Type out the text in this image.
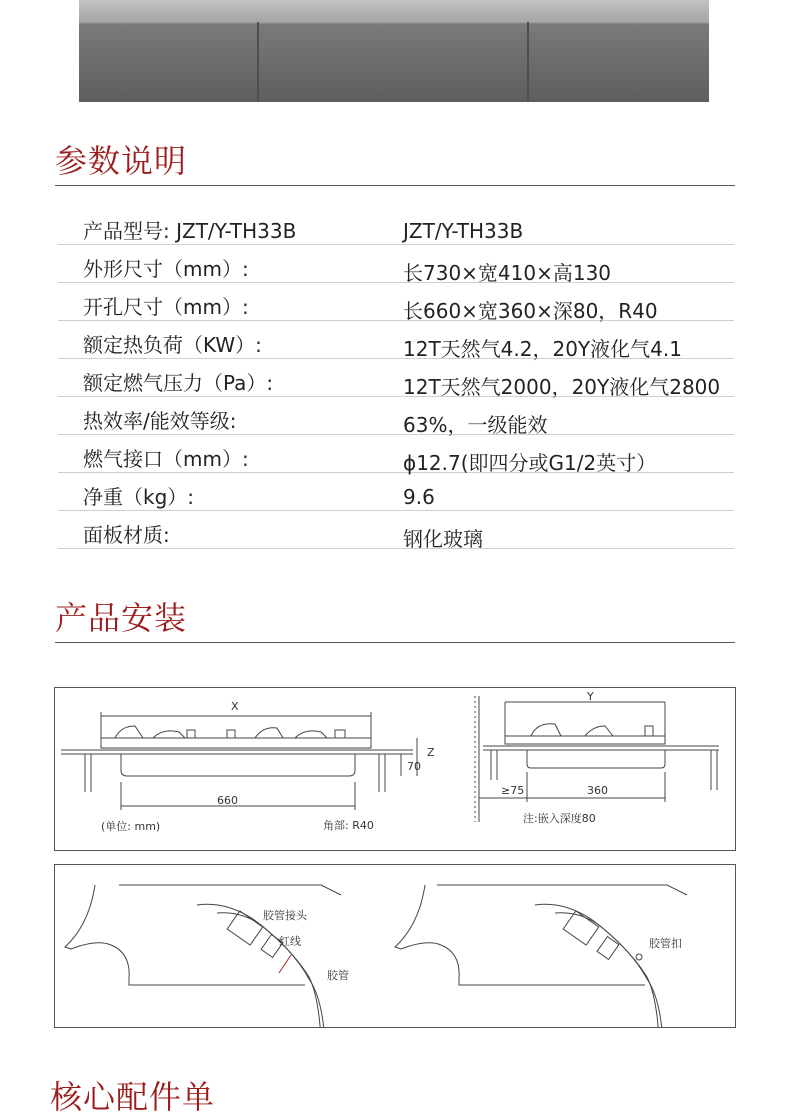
参数说明
产品型号: JZT/Y-TH33B	JZT/Y-TH33B
外形尺寸（mm）:	长730×宽410×高130
开孔尺寸（mm）:	长660×宽360×深80，R40
额定热负荷（KW）:	12T天然气4.2，20Y液化气4.1
额定燃气压力（Pa）:	12T天然气2000，20Y液化气2800
热效率/能效等级:	63%，一级能效
燃气接口（mm）:	ϕ12.7(即四分或G1/2英寸）
净重（kg）:	9.6
面板材质:	钢化玻璃
产品安装
X
Z
70
660
(单位: mm)	角部: R40
Y
≥75	360
注:嵌入深度80
胶管接头
红线
胶管
胶管扣
核心配件单
